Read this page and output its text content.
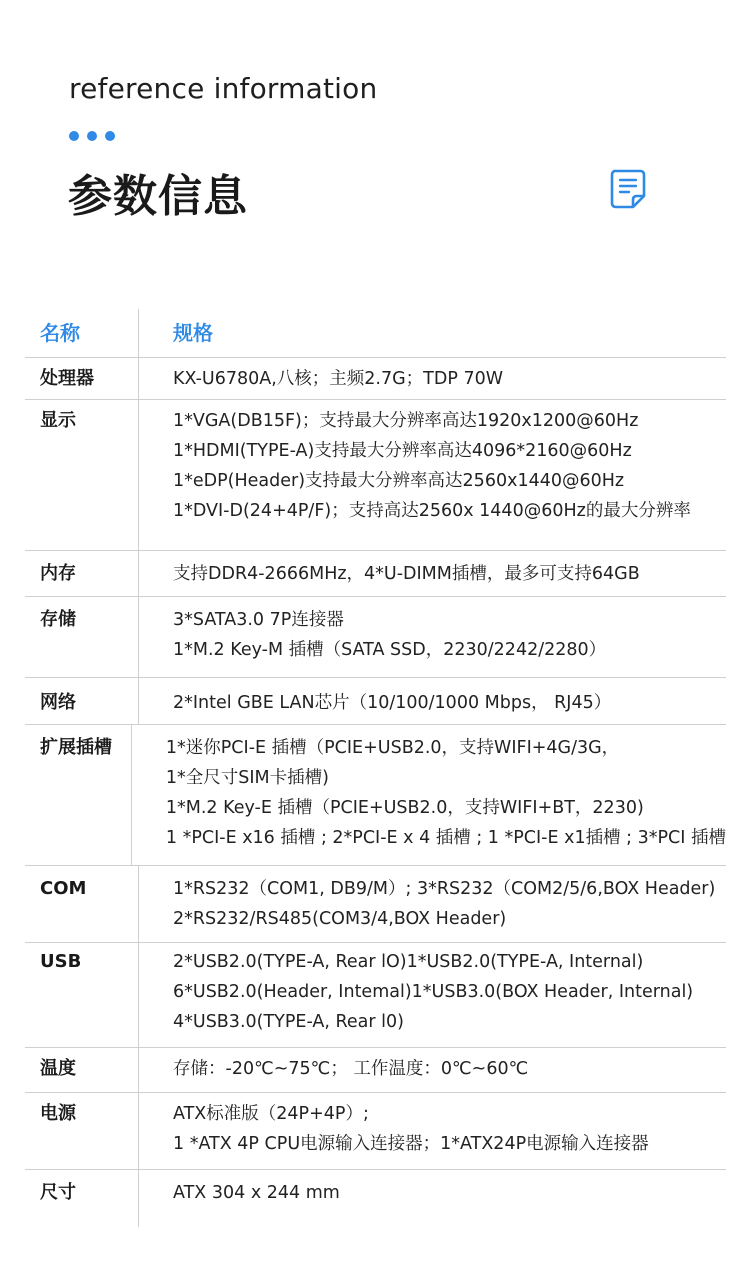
reference information
参数信息
名称	规格
处理器	KX-U6780A,八核；主频2.7G；TDP 70W
显示	1*VGA(DB15F)；支持最大分辨率高达1920x1200@60Hz
1*HDMI(TYPE-A)支持最大分辨率高达4096*2160@60Hz
1*eDP(Header)支持最大分辨率高达2560x1440@60Hz
1*DVI-D(24+4P/F)；支持高达2560x 1440@60Hz的最大分辨率
内存	支持DDR4-2666MHz，4*U-DIMM插槽，最多可支持64GB
存储	3*SATA3.0 7P连接器
1*M.2 Key-M 插槽（SATA SSD，2230/2242/2280）
网络	2*Intel GBE LAN芯片（10/100/1000 Mbps， RJ45）
扩展插槽	1*迷你PCI-E 插槽（PCIE+USB2.0，支持WIFI+4G/3G，
1*全尺寸SIM卡插槽)
1*M.2 Key-E 插槽（PCIE+USB2.0，支持WIFI+BT，2230)
1 *PCI-E x16 插槽 ; 2*PCI-E x 4 插槽 ; 1 *PCI-E x1插槽 ; 3*PCI 插槽
COM	1*RS232（COM1, DB9/M）; 3*RS232（COM2/5/6,BOX Header)
2*RS232/RS485(COM3/4,BOX Header)
USB	2*USB2.0(TYPE-A, Rear lO)1*USB2.0(TYPE-A, Internal)
6*USB2.0(Header, Intemal)1*USB3.0(BOX Header, Internal)
4*USB3.0(TYPE-A, Rear l0)
温度	存储：-20℃~75℃； 工作温度：0℃~60℃
电源	ATX标准版（24P+4P）;
1 *ATX 4P CPU电源输入连接器；1*ATX24P电源输入连接器
尺寸	ATX 304 x 244 mm
